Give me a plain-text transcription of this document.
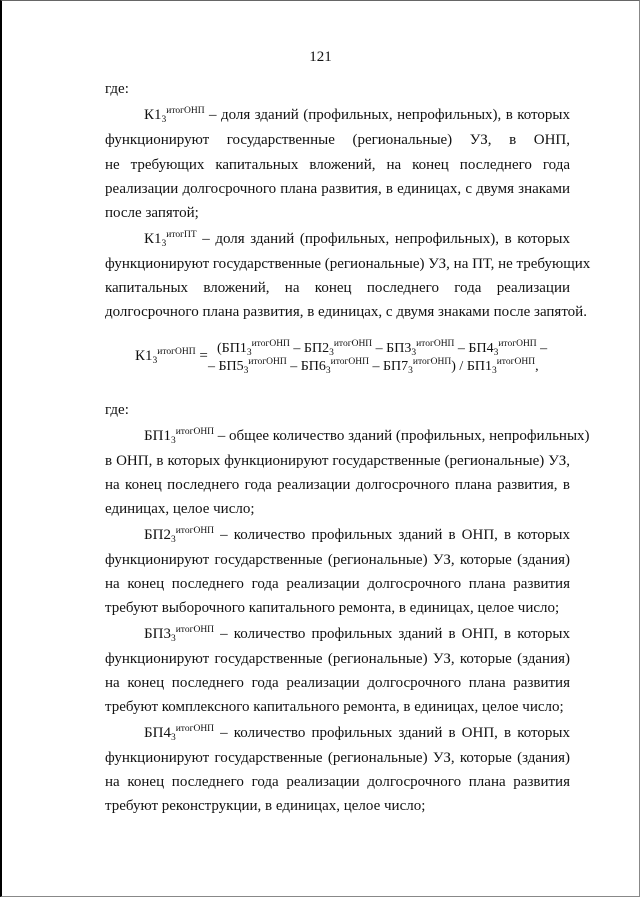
121
где:
$К1_3^{итогОНП}$ – доля зданий (профильных, непрофильных), в которых
функционируют государственные (региональные) УЗ, в ОНП,
не требующих капитальных вложений, на конец последнего года
реализации долгосрочного плана развития, в единицах, с двумя знаками
после запятой;
$К1_3^{итогПТ}$ – доля зданий (профильных, непрофильных), в которых
функционируют государственные (региональные) УЗ, на ПТ, не требующих
капитальных вложений, на конец последнего года реализации
долгосрочного плана развития, в единицах, с двумя знаками после запятой.
$К1_3^{итогОНП} = (БП1_3^{итогОНП} - БП2_3^{итогОНП} - БП3_3^{итогОНП} - БП4_3^{итогОНП}$ –
– $БП5_3^{итогОНП} - БП6_3^{итогОНП} - БП7_3^{итогОНП}) / БП1_3^{итогОНП}$,
где:
$БП1_3^{итогОНП}$ – общее количество зданий (профильных, непрофильных)
в ОНП, в которых функционируют государственные (региональные) УЗ,
на конец последнего года реализации долгосрочного плана развития, в
единицах, целое число;
$БП2_3^{итогОНП}$ – количество профильных зданий в ОНП, в которых
функционируют государственные (региональные) УЗ, которые (здания)
на конец последнего года реализации долгосрочного плана развития
требуют выборочного капитального ремонта, в единицах, целое число;
$БП3_3^{итогОНП}$ – количество профильных зданий в ОНП, в которых
функционируют государственные (региональные) УЗ, которые (здания)
на конец последнего года реализации долгосрочного плана развития
требуют комплексного капитального ремонта, в единицах, целое число;
$БП4_3^{итогОНП}$ – количество профильных зданий в ОНП, в которых
функционируют государственные (региональные) УЗ, которые (здания)
на конец последнего года реализации долгосрочного плана развития
требуют реконструкции, в единицах, целое число;
